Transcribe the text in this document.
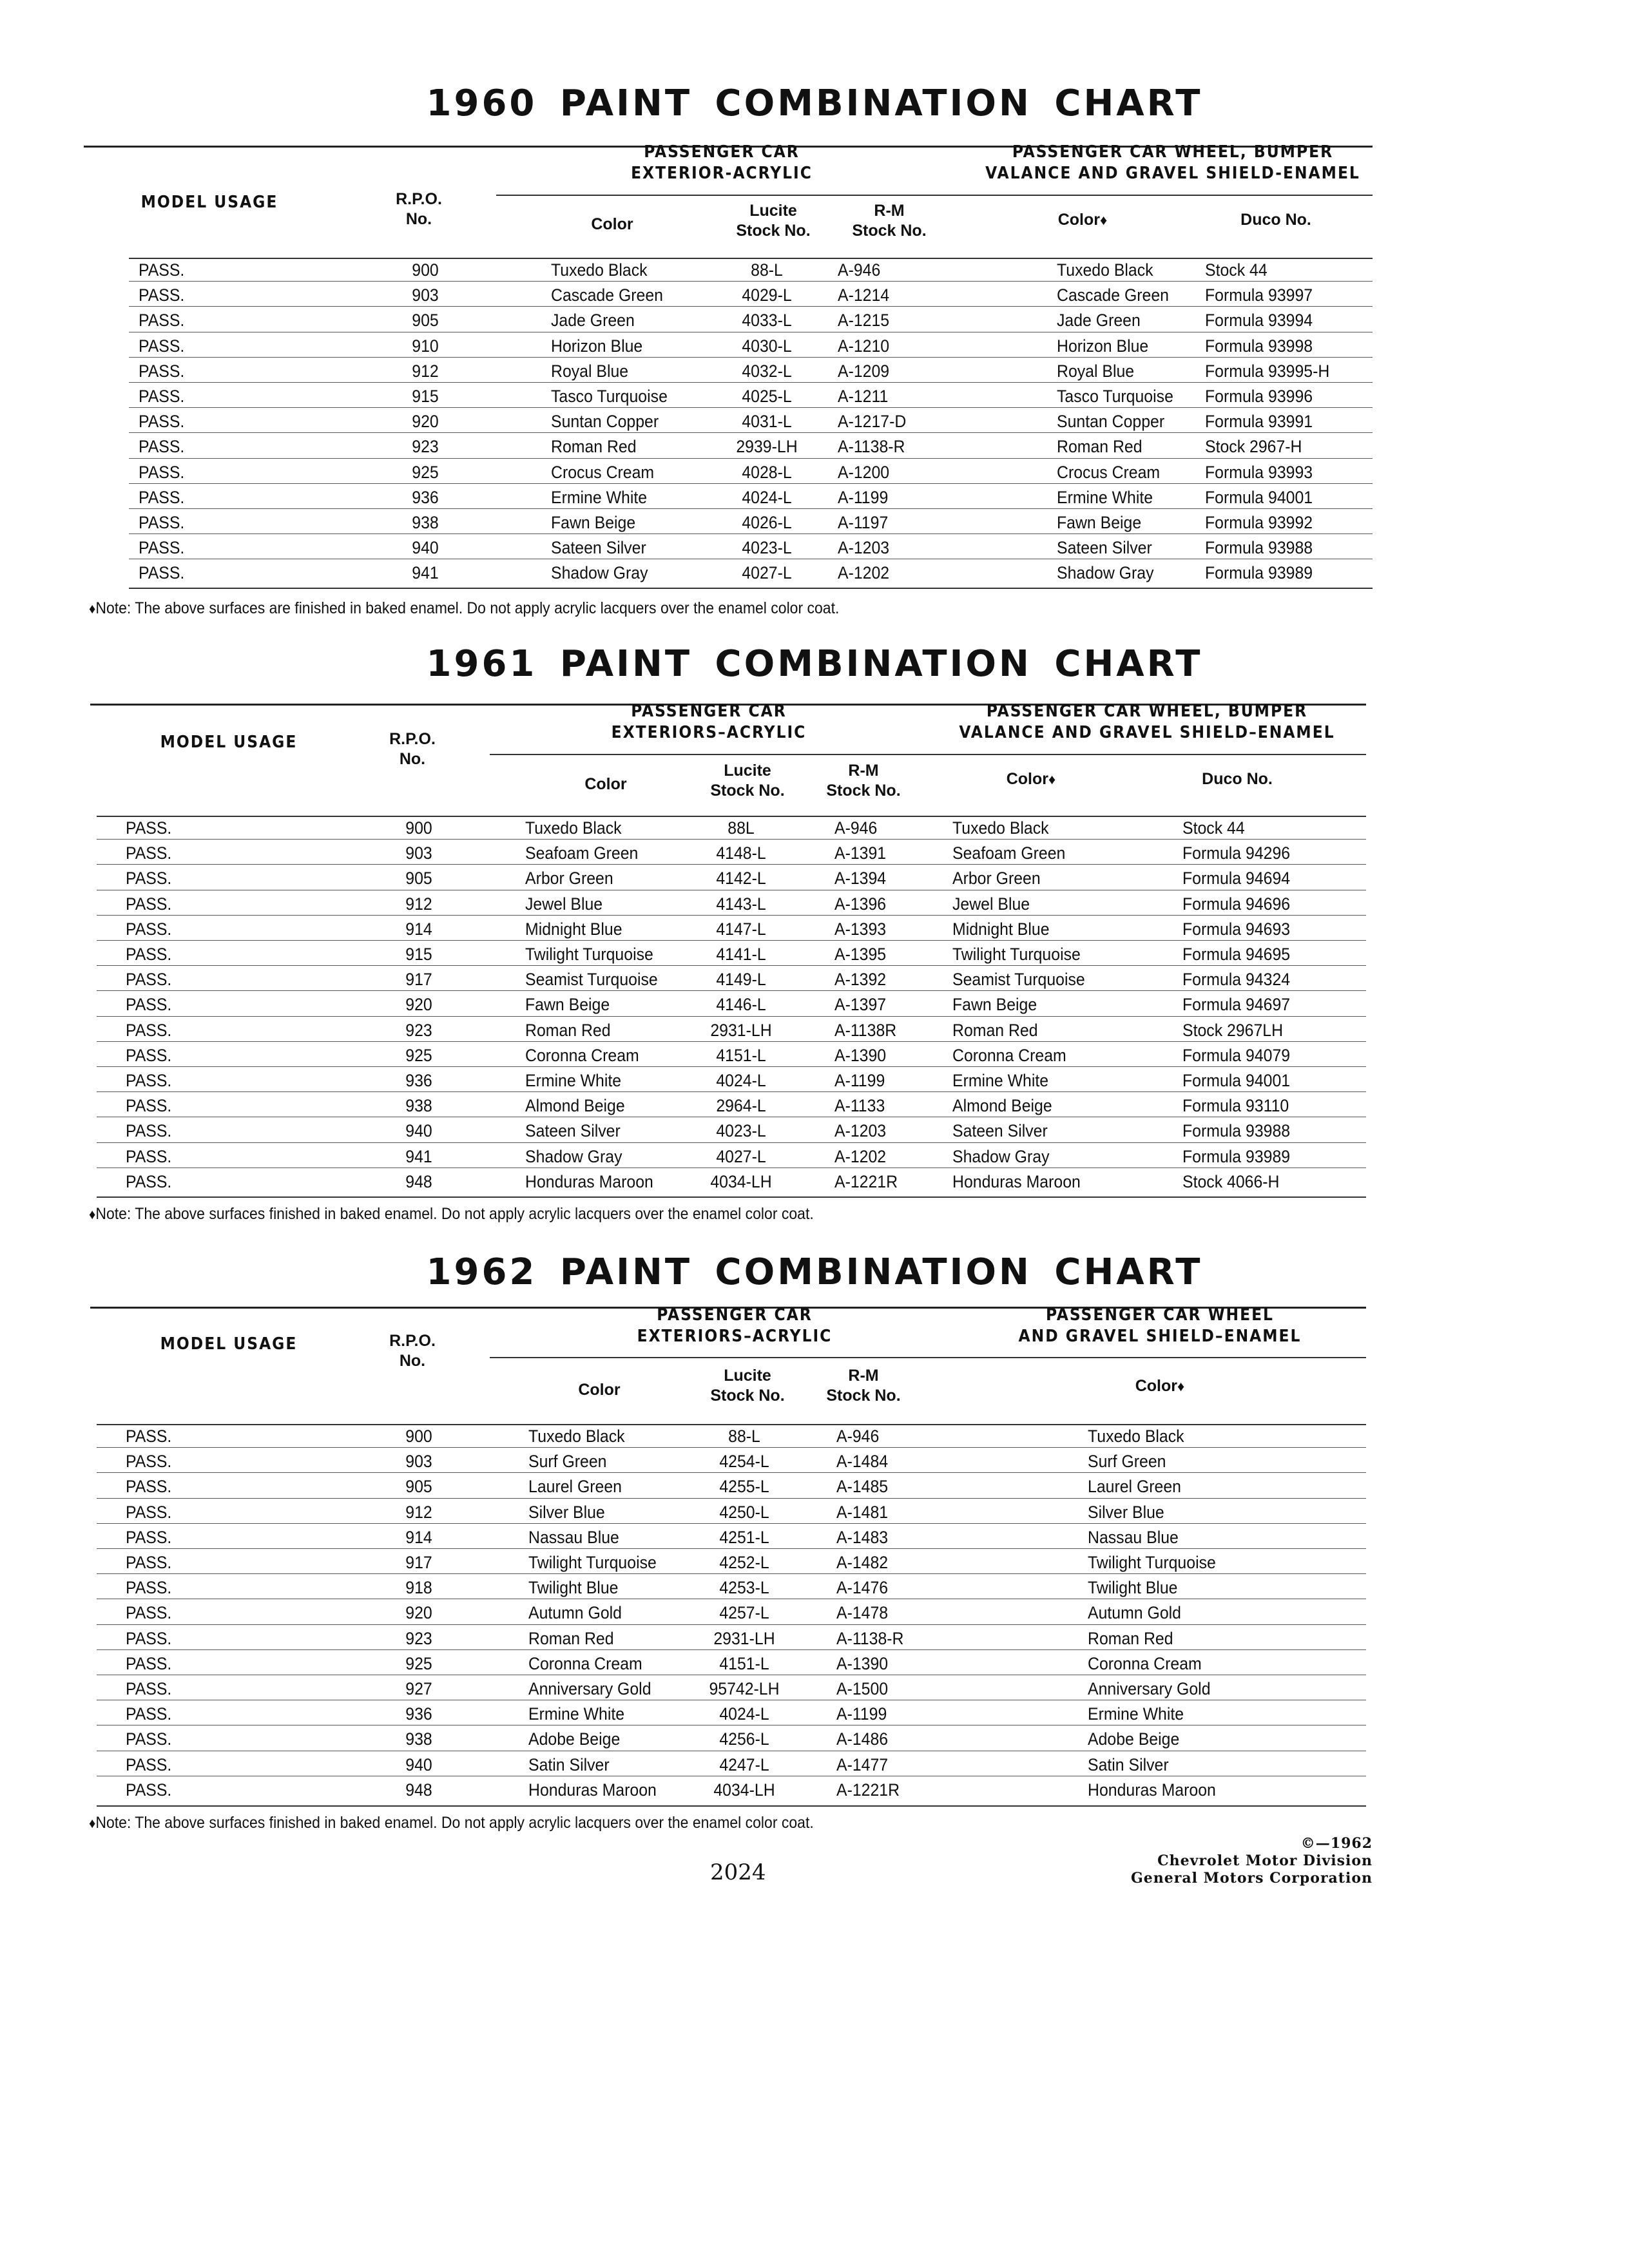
1960 PAINT COMBINATION CHART
PASSENGER CAR
EXTERIOR-ACRYLIC
PASSENGER CAR WHEEL, BUMPER
VALANCE AND GRAVEL SHIELD-ENAMEL
MODEL USAGE	R.P.O.
No.	Color
Lucite
Stock No.
R-M
Stock No.
Color♦	Duco No.
PASS.	900	Tuxedo Black	88-L	A-946	Tuxedo Black	Stock 44
PASS.	903	Cascade Green	4029-L	A-1214	Cascade Green Formula 93997
PASS.	905	Jade Green	4033-L	A-1215	Jade Green	Formula 93994
PASS.	910	Horizon Blue	4030-L	A-1210	Horizon Blue	Formula 93998
PASS.	912	Royal Blue	4032-L	A-1209	Royal Blue	Formula 93995-H
PASS.	915	Tasco Turquoise	4025-L	A-1211	Tasco Turquoise Formula 93996
PASS.	920	Suntan Copper	4031-L	A-1217-D	Suntan Copper Formula 93991
PASS.	923	Roman Red	2939-LH	A-1138-R	Roman Red	Stock 2967-H
PASS.	925	Crocus Cream	4028-L	A-1200	Crocus Cream	Formula 93993
PASS.	936	Ermine White	4024-L	A-1199	Ermine White	Formula 94001
PASS.	938	Fawn Beige	4026-L	A-1197	Fawn Beige	Formula 93992
PASS.	940	Sateen Silver	4023-L	A-1203	Sateen Silver	Formula 93988
PASS.	941	Shadow Gray	4027-L	A-1202	Shadow Gray	Formula 93989
♦Note: The above surfaces are finished in baked enamel. Do not apply acrylic lacquers over the enamel color coat.
1961 PAINT COMBINATION CHART
PASSENGER CAR
EXTERIORS–ACRYLIC
PASSENGER CAR WHEEL, BUMPER
VALANCE AND GRAVEL SHIELD–ENAMEL
MODEL USAGE	R.P.O.
No.
Color
Lucite
Stock No.
R-M
Stock No.
Color♦	Duco No.
PASS.	900	Tuxedo Black	88L	A-946	Tuxedo Black	Stock 44
PASS.	903	Seafoam Green	4148-L	A-1391	Seafoam Green	Formula 94296
PASS.	905	Arbor Green	4142-L	A-1394	Arbor Green	Formula 94694
PASS.	912	Jewel Blue	4143-L	A-1396	Jewel Blue	Formula 94696
PASS.	914	Midnight Blue	4147-L	A-1393	Midnight Blue	Formula 94693
PASS.	915	Twilight Turquoise	4141-L	A-1395	Twilight Turquoise	Formula 94695
PASS.	917	Seamist Turquoise	4149-L	A-1392	Seamist Turquoise	Formula 94324
PASS.	920	Fawn Beige	4146-L	A-1397	Fawn Beige	Formula 94697
PASS.	923	Roman Red	2931-LH	A-1138R	Roman Red	Stock 2967LH
PASS.	925	Coronna Cream	4151-L	A-1390	Coronna Cream	Formula 94079
PASS.	936	Ermine White	4024-L	A-1199	Ermine White	Formula 94001
PASS.	938	Almond Beige	2964-L	A-1133	Almond Beige	Formula 93110
PASS.	940	Sateen Silver	4023-L	A-1203	Sateen Silver	Formula 93988
PASS.	941	Shadow Gray	4027-L	A-1202	Shadow Gray	Formula 93989
PASS.	948	Honduras Maroon	4034-LH	A-1221R	Honduras Maroon	Stock 4066-H
♦Note: The above surfaces finished in baked enamel. Do not apply acrylic lacquers over the enamel color coat.
1962 PAINT COMBINATION CHART
PASSENGER CAR
EXTERIORS–ACRYLIC
PASSENGER CAR WHEEL
AND GRAVEL SHIELD–ENAMEL
MODEL USAGE	R.P.O.
No.
Color
Lucite
Stock No.
R-M
Stock No.
Color♦
PASS.	900	Tuxedo Black	88-L	A-946	Tuxedo Black
PASS.	903	Surf Green	4254-L	A-1484	Surf Green
PASS.	905	Laurel Green	4255-L	A-1485	Laurel Green
PASS.	912	Silver Blue	4250-L	A-1481	Silver Blue
PASS.	914	Nassau Blue	4251-L	A-1483	Nassau Blue
PASS.	917	Twilight Turquoise	4252-L	A-1482	Twilight Turquoise
PASS.	918	Twilight Blue	4253-L	A-1476	Twilight Blue
PASS.	920	Autumn Gold	4257-L	A-1478	Autumn Gold
PASS.	923	Roman Red	2931-LH	A-1138-R	Roman Red
PASS.	925	Coronna Cream	4151-L	A-1390	Coronna Cream
PASS.	927	Anniversary Gold	95742-LH	A-1500	Anniversary Gold
PASS.	936	Ermine White	4024-L	A-1199	Ermine White
PASS.	938	Adobe Beige	4256-L	A-1486	Adobe Beige
PASS.	940	Satin Silver	4247-L	A-1477	Satin Silver
PASS.	948	Honduras Maroon	4034-LH	A-1221R	Honduras Maroon
♦Note: The above surfaces finished in baked enamel. Do not apply acrylic lacquers over the enamel color coat.
2024
©—1962
Chevrolet Motor Division
General Motors Corporation
